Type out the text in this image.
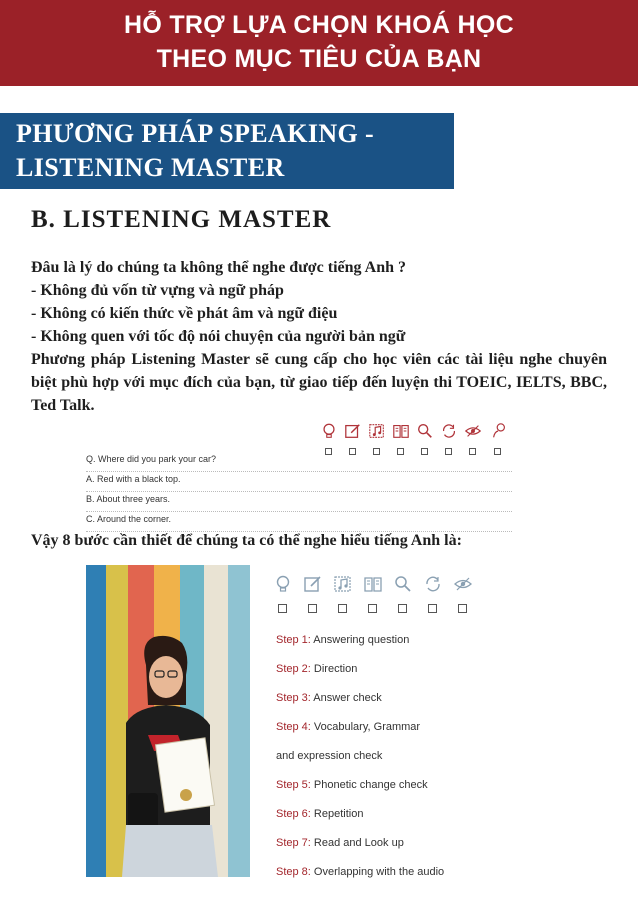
HỖ TRỢ LỰA CHỌN KHOÁ HỌC
THEO MỤC TIÊU CỦA BẠN
PHƯƠNG PHÁP SPEAKING -
LISTENING MASTER
B. LISTENING MASTER
Đâu là lý do chúng ta không thể nghe được tiếng Anh ?
- Không đủ vốn từ vựng và ngữ pháp
- Không có kiến thức về phát âm và ngữ điệu
- Không quen với tốc độ nói chuyện của người bản ngữ
Phương pháp Listening Master sẽ cung cấp cho học viên các tài liệu nghe chuyên biệt phù hợp với mục đích của bạn, từ giao tiếp đến luyện thi TOEIC, IELTS, BBC, Ted Talk.
Q. Where did you park your car?
A. Red with a black top.
B. About three years.
C. Around the corner.
Vậy 8 bước cần thiết để chúng ta có thể nghe hiểu tiếng Anh là:
Step 1: Answering question
Step 2: Direction
Step 3: Answer check
Step 4: Vocabulary, Grammar
and expression check
Step 5: Phonetic change check
Step 6: Repetition
Step 7: Read and Look up
Step 8: Overlapping with the audio
